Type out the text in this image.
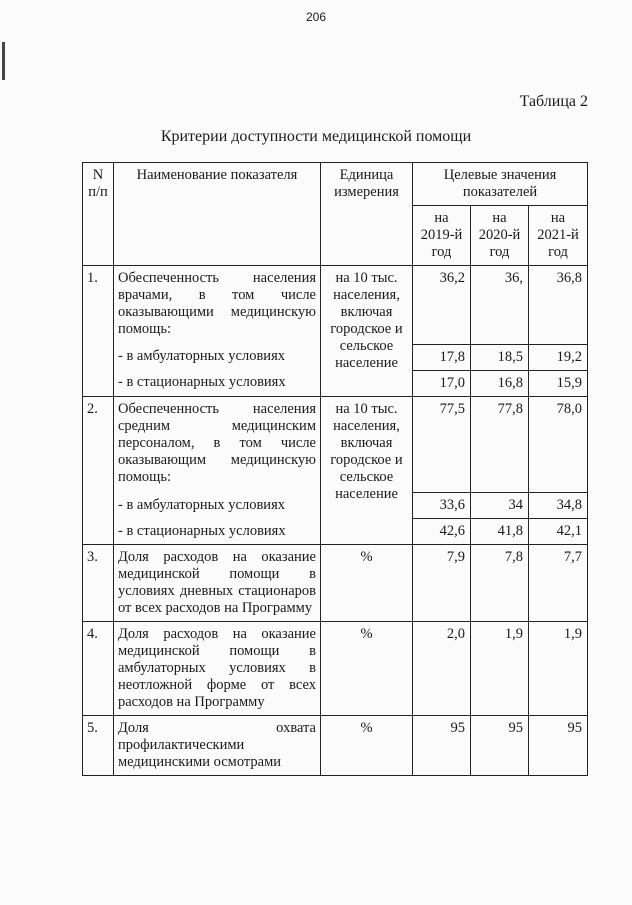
206
Таблица 2
Критерии доступности медицинской помощи
N п/п	Наименование показателя	Единица измерения	Целевые значения показателей		
			на 2019-й год	на 2020-й год	на 2021-й год
1.	Обеспеченность населения врачами, в том числе оказывающими медицинскую помощь:	на 10 тыс. населения, включая городское и сельское население	36,2	36,	36,8
	- в амбулаторных условиях		17,8	18,5	19,2
	- в стационарных условиях		17,0	16,8	15,9
2.	Обеспеченность населения средним медицинским персоналом, в том числе оказывающим медицинскую помощь:	на 10 тыс. населения, включая городское и сельское население	77,5	77,8	78,0
	- в амбулаторных условиях		33,6	34	34,8
	- в стационарных условиях		42,6	41,8	42,1
3.	Доля расходов на оказание медицинской помощи в условиях дневных стационаров от всех расходов на Программу	%	7,9	7,8	7,7
4.	Доля расходов на оказание медицинской помощи в амбулаторных условиях в неотложной форме от всех расходов на Программу	%	2,0	1,9	1,9
5.	Доля охвата профилактическими медицинскими осмотрами	%	95	95	95
